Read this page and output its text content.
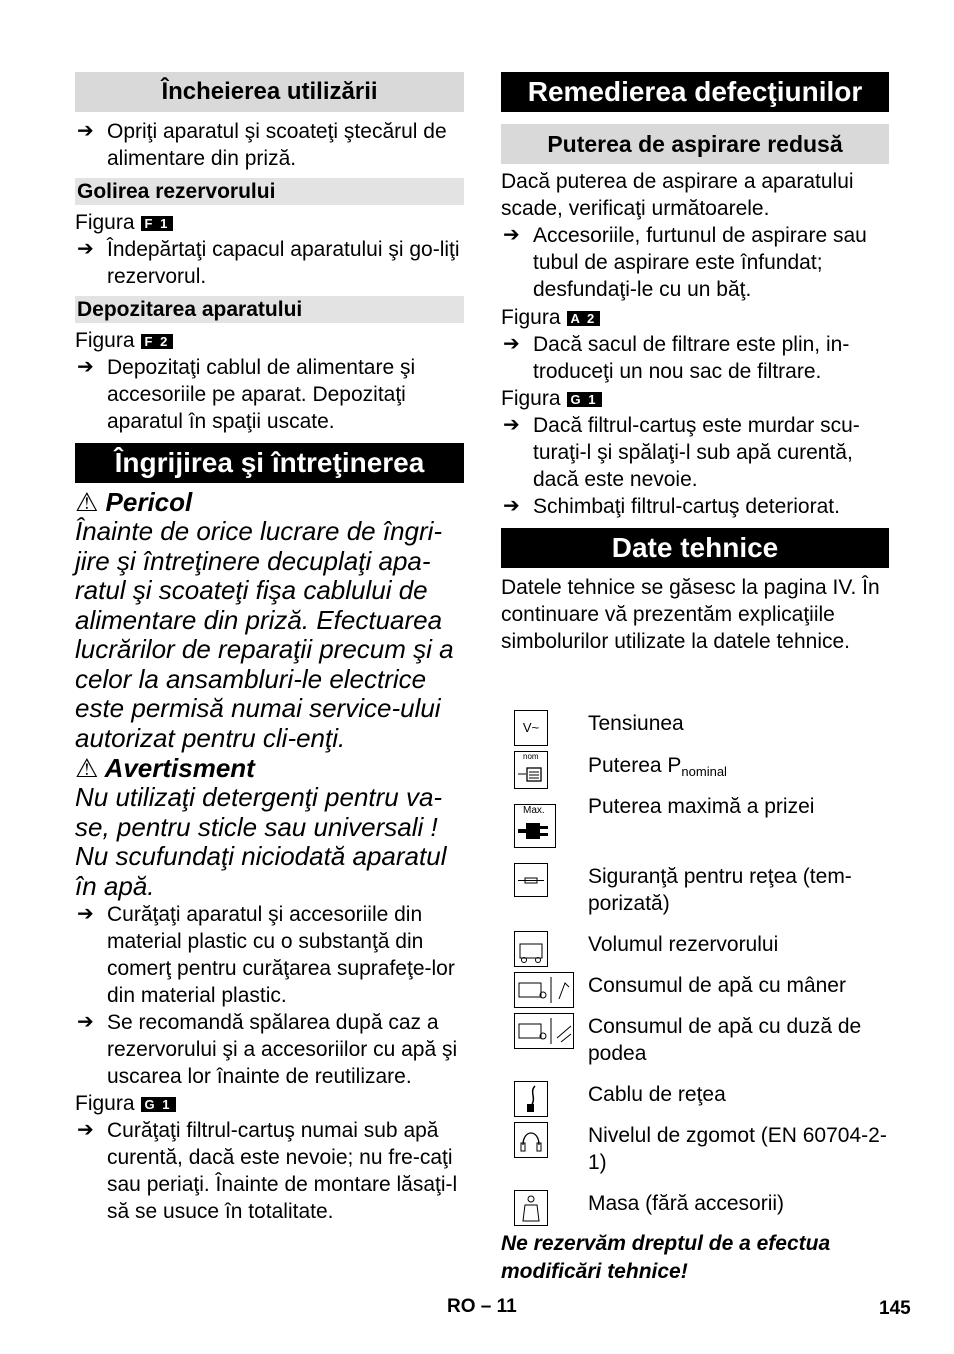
Încheierea utilizării
➔ Opriţi aparatul şi scoateţi ştecărul de alimentare din priză.
Golirea rezervorului
Figura F 1
➔ Îndepărtaţi capacul aparatului şi go-liţi rezervorul.
Depozitarea aparatului
Figura F 2
➔ Depozitaţi cablul de alimentare şi accesoriile pe aparat. Depozitaţi aparatul în spaţii uscate.
Îngrijirea şi întreţinerea
⚠ Pericol
Înainte de orice lucrare de îngri-jire şi întreţinere decuplaţi apa-ratul şi scoateţi fişa cablului de alimentare din priză. Efectuarea lucrărilor de reparaţii precum şi a celor la ansambluri-le electrice este permisă numai service-ului autorizat pentru cli-enţi.
⚠ Avertisment
Nu utilizaţi detergenţi pentru va-se, pentru sticle sau universali ! Nu scufundaţi niciodată aparatul în apă.
➔ Curăţaţi aparatul şi accesoriile din material plastic cu o substanţă din comerţ pentru curăţarea suprafeţe-lor din material plastic.
➔ Se recomandă spălarea după caz a rezervorului şi a accesoriilor cu apă şi uscarea lor înainte de reutilizare.
Figura G 1
➔ Curăţaţi filtrul-cartuş numai sub apă curentă, dacă este nevoie; nu fre-caţi sau periaţi. Înainte de montare lăsaţi-l să se usuce în totalitate.
Remedierea defecţiunilor
Puterea de aspirare redusă

Dacă puterea de aspirare a aparatului scade, verificaţi următoarele.

➔ Accesoriile, furtunul de aspirare sau tubul de aspirare este înfundat; desfundaţi-le cu un băţ.
Figura A 2
➔ Dacă sacul de filtrare este plin, in-troduceţi un nou sac de filtrare.
Figura G 1
➔ Dacă filtrul-cartuş este murdar scu-turaţi-l şi spălaţi-l sub apă curentă, dacă este nevoie.
➔ Schimbaţi filtrul-cartuş deteriorat.
Date tehnice

Datele tehnice se găsesc la pagina IV. În continuare vă prezentăm explicaţiile simbolurilor utilizate la datele tehnice.

V~	Tensiunea
nom Puterea $P_{nominal}$
Max. Puterea maximă a prizei
Siguranţă pentru reţea (tem-porizată)
Volumul rezervorului
Consumul de apă cu mâner
Consumul de apă cu duză de podea
Cablu de reţea
Nivelul de zgomot (EN 60704-2-1)
Masa (fără accesorii)
Ne rezervăm dreptul de a efectua modificări tehnice!
RO – 11	145
